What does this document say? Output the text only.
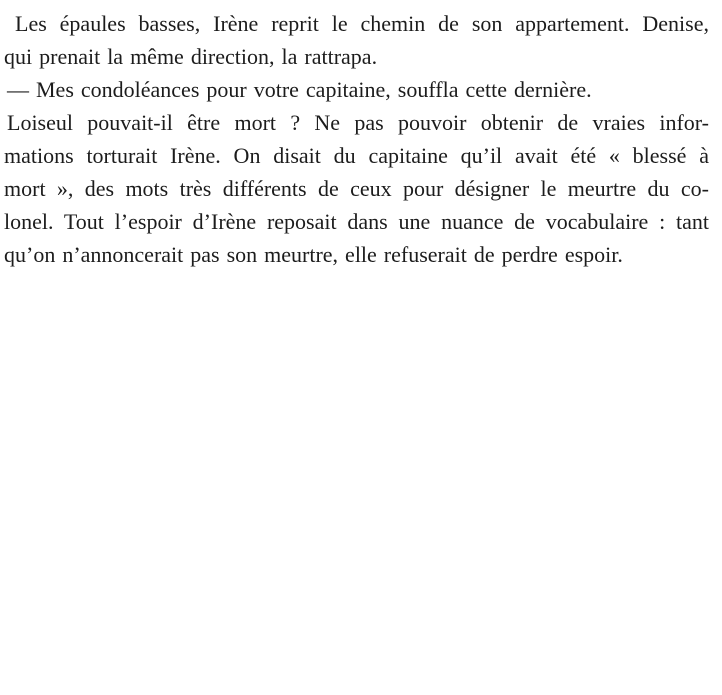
Les épaules basses, Irène reprit le chemin de son appartement. Denise,
qui prenait la même direction, la rattrapa.
— Mes condoléances pour votre capitaine, souffla cette dernière.
Loiseul pouvait-il être mort ? Ne pas pouvoir obtenir de vraies infor-
mations torturait Irène. On disait du capitaine qu’il avait été « blessé à
mort », des mots très différents de ceux pour désigner le meurtre du co-
lonel. Tout l’espoir d’Irène reposait dans une nuance de vocabulaire : tant
qu’on n’annoncerait pas son meurtre, elle refuserait de perdre espoir.
